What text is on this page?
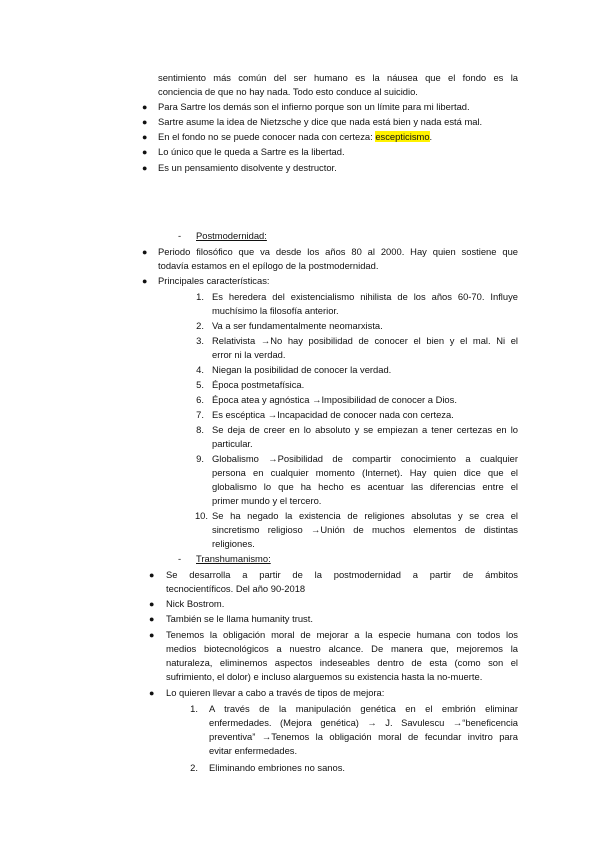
sentimiento más común del ser humano es la náusea que el fondo es la
conciencia de que no hay nada. Todo esto conduce al suicidio.
● Para Sartre los demás son el infierno porque son un límite para mi libertad.
● Sartre asume la idea de Nietzsche y dice que nada está bien y nada está mal.
● En el fondo no se puede conocer nada con certeza: escepticismo.
● Lo único que le queda a Sartre es la libertad.
● Es un pensamiento disolvente y destructor.
- Postmodernidad:
● Periodo filosófico que va desde los años 80 al 2000. Hay quien sostiene que
todavía estamos en el epílogo de la postmodernidad.
● Principales características:
1. Es heredera del existencialismo nihilista de los años 60-70. Influye
muchísimo la filosofía anterior.
2. Va a ser fundamentalmente neomarxista.
3. Relativista →No hay posibilidad de conocer el bien y el mal. Ni el
error ni la verdad.
4. Niegan la posibilidad de conocer la verdad.
5. Época postmetafísica.
6. Época atea y agnóstica →Imposibilidad de conocer a Dios.
7. Es escéptica →Incapacidad de conocer nada con certeza.
8. Se deja de creer en lo absoluto y se empiezan a tener certezas en lo
particular.
9. Globalismo →Posibilidad de compartir conocimiento a cualquier
persona en cualquier momento (Internet). Hay quien dice que el
globalismo lo que ha hecho es acentuar las diferencias entre el
primer mundo y el tercero.
10. Se ha negado la existencia de religiones absolutas y se crea el
sincretismo religioso →Unión de muchos elementos de distintas
religiones.
- Transhumanismo:
● Se desarrolla a partir de la postmodernidad a partir de ámbitos
tecnocientíficos. Del año 90-2018
● Nick Bostrom.
● También se le llama humanity trust.
● Tenemos la obligación moral de mejorar a la especie humana con todos los
medios biotecnológicos a nuestro alcance. De manera que, mejoremos la
naturaleza, eliminemos aspectos indeseables dentro de esta (como son el
sufrimiento, el dolor) e incluso alarguemos su existencia hasta la no-muerte.
● Lo quieren llevar a cabo a través de tipos de mejora:
1. A través de la manipulación genética en el embrión eliminar
enfermedades. (Mejora genética) → J. Savulescu →“beneficencia
preventiva” →Tenemos la obligación moral de fecundar invitro para
evitar enfermedades.
2. Eliminando embriones no sanos.
